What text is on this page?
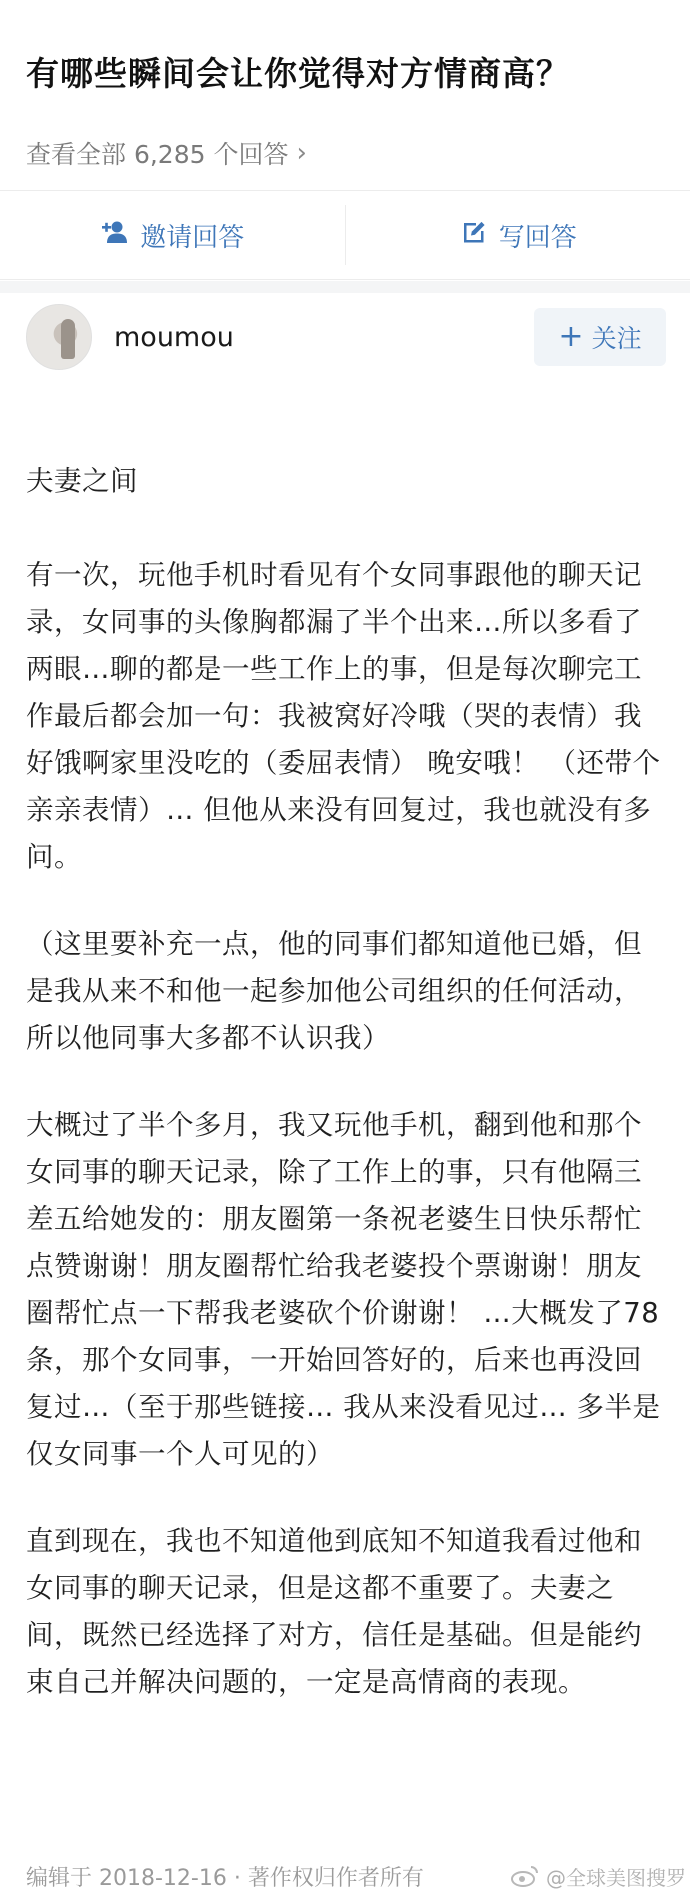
有哪些瞬间会让你觉得对方情商高？
查看全部 6,285 个回答 ›
邀请回答	写回答
moumou	+ 关注

夫妻之间

有一次，玩他手机时看见有个女同事跟他的聊天记录，女同事的头像胸都漏了半个出来…所以多看了两眼…聊的都是一些工作上的事，但是每次聊完工作最后都会加一句：我被窝好冷哦（哭的表情）我好饿啊家里没吃的（委屈表情） 晚安哦！ （还带个亲亲表情）… 但他从来没有回复过，我也就没有多问。

（这里要补充一点，他的同事们都知道他已婚，但是我从来不和他一起参加他公司组织的任何活动，所以他同事大多都不认识我）

大概过了半个多月，我又玩他手机，翻到他和那个女同事的聊天记录，除了工作上的事，只有他隔三差五给她发的：朋友圈第一条祝老婆生日快乐帮忙点赞谢谢！朋友圈帮忙给我老婆投个票谢谢！朋友圈帮忙点一下帮我老婆砍个价谢谢！ …大概发了78条，那个女同事，一开始回答好的，后来也再没回复过…（至于那些链接… 我从来没看见过… 多半是仅女同事一个人可见的）

直到现在，我也不知道他到底知不知道我看过他和女同事的聊天记录，但是这都不重要了。夫妻之间，既然已经选择了对方，信任是基础。但是能约束自己并解决问题的，一定是高情商的表现。

编辑于 2018-12-16 · 著作权归作者所有	@全球美图搜罗
